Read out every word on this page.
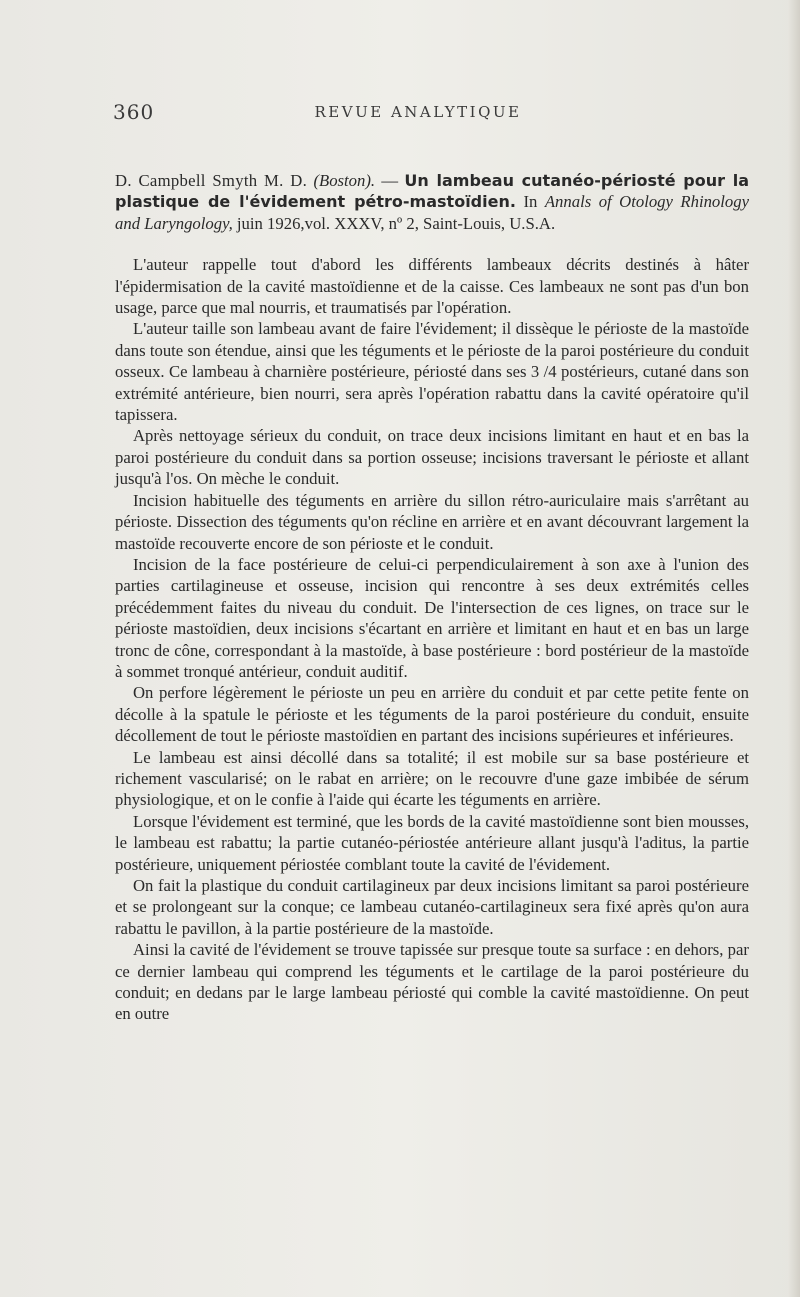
360	REVUE ANALYTIQUE

D. Campbell Smyth M. D. (Boston). — Un lambeau cutanéo-périosté pour la plastique de l'évidement pétro-mastoïdien. In Annals of Otology Rhinology and Laryngology, juin 1926,vol. XXXV, nº 2, Saint-Louis, U.S.A.

L'auteur rappelle tout d'abord les différents lambeaux décrits destinés à hâter l'épidermisation de la cavité mastoïdienne et de la caisse. Ces lambeaux ne sont pas d'un bon usage, parce que mal nourris, et traumatisés par l'opération.

L'auteur taille son lambeau avant de faire l'évidement; il dissèque le périoste de la mastoïde dans toute son étendue, ainsi que les téguments et le périoste de la paroi postérieure du conduit osseux. Ce lambeau à charnière postérieure, périosté dans ses 3 /4 postérieurs, cutané dans son extrémité antérieure, bien nourri, sera après l'opération rabattu dans la cavité opératoire qu'il tapissera.

Après nettoyage sérieux du conduit, on trace deux incisions limitant en haut et en bas la paroi postérieure du conduit dans sa portion osseuse; incisions traversant le périoste et allant jusqu'à l'os. On mèche le conduit.

Incision habituelle des téguments en arrière du sillon rétro-auriculaire mais s'arrêtant au périoste. Dissection des téguments qu'on récline en arrière et en avant découvrant largement la mastoïde recouverte encore de son périoste et le conduit.

Incision de la face postérieure de celui-ci perpendiculairement à son axe à l'union des parties cartilagineuse et osseuse, incision qui rencontre à ses deux extrémités celles précédemment faites du niveau du conduit. De l'intersection de ces lignes, on trace sur le périoste mastoïdien, deux incisions s'écartant en arrière et limitant en haut et en bas un large tronc de cône, correspondant à la mastoïde, à base postérieure : bord postérieur de la mastoïde à sommet tronqué antérieur, conduit auditif.

On perfore légèrement le périoste un peu en arrière du conduit et par cette petite fente on décolle à la spatule le périoste et les téguments de la paroi postérieure du conduit, ensuite décollement de tout le périoste mastoïdien en partant des incisions supérieures et inférieures.

Le lambeau est ainsi décollé dans sa totalité; il est mobile sur sa base postérieure et richement vascularisé; on le rabat en arrière; on le recouvre d'une gaze imbibée de sérum physiologique, et on le confie à l'aide qui écarte les téguments en arrière.

Lorsque l'évidement est terminé, que les bords de la cavité mastoïdienne sont bien mousses, le lambeau est rabattu; la partie cutanéo-périostée antérieure allant jusqu'à l'aditus, la partie postérieure, uniquement périostée comblant toute la cavité de l'évidement.

On fait la plastique du conduit cartilagineux par deux incisions limitant sa paroi postérieure et se prolongeant sur la conque; ce lambeau cutanéo-cartilagineux sera fixé après qu'on aura rabattu le pavillon, à la partie postérieure de la mastoïde.

Ainsi la cavité de l'évidement se trouve tapissée sur presque toute sa surface : en dehors, par ce dernier lambeau qui comprend les téguments et le cartilage de la paroi postérieure du conduit; en dedans par le large lambeau périosté qui comble la cavité mastoïdienne. On peut en outre
